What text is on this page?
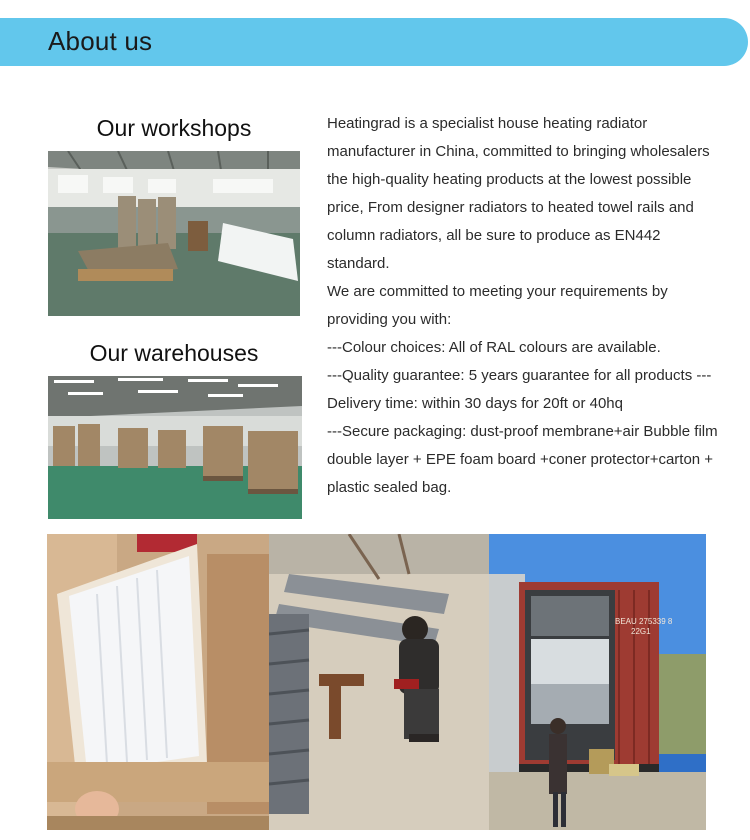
About us
Our workshops
Our warehouses

Heatingrad is a specialist house heating radiator manufacturer in China, committed to bringing wholesalers the high-quality heating products at the lowest possible price, From designer radiators to heated towel rails and column radiators, all be sure to produce as EN442 standard.

We are committed to meeting your requirements by providing you with:

---Colour choices: All of RAL colours are available.

---Quality guarantee: 5 years guarantee for all products ---Delivery time: within 30 days for 20ft or 40hq

---Secure packaging: dust-proof membrane+air Bubble film double layer + EPE foam board +coner protector+carton + plastic sealed bag.

BEAU 275339 8
22G1
